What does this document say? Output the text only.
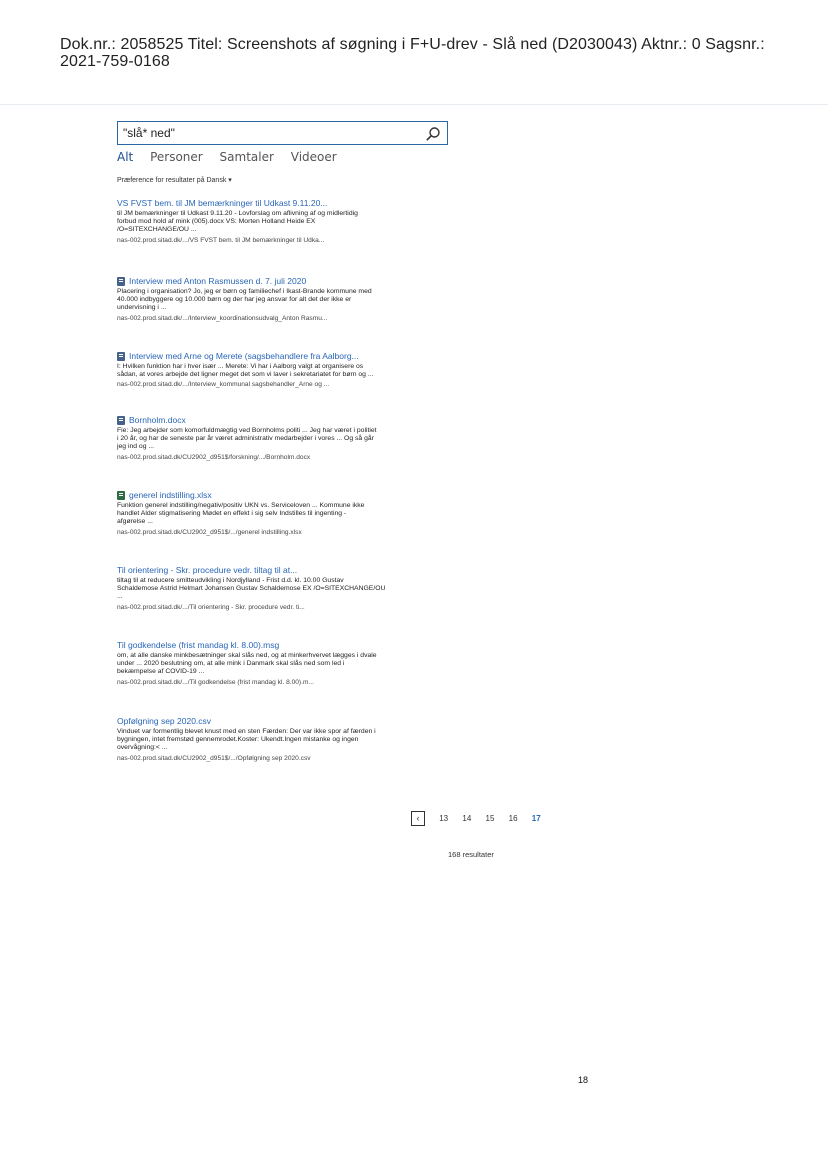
Dok.nr.: 2058525 Titel: Screenshots af søgning i F+U-drev - Slå ned (D2030043) Aktnr.: 0 Sagsnr.:
2021-759-0168
"slå* ned"
Alt Personer Samtaler Videoer
Præference for resultater på Dansk ▾
VS FVST bem. til JM bemærkninger til Udkast 9.11.20...
til JM bemærkninger til Udkast 9.11.20 - Lovforslag om aflivning af og midlertidig
forbud mod hold af mink (005).docx VS: Morten Holland Heide EX
/O=SITEXCHANGE/OU ...
nas-002.prod.sitad.dk/.../VS FVST bem. til JM bemærkninger til Udka...
Interview med Anton Rasmussen d. 7. juli 2020
Placering i organisation? Jo, jeg er børn og familiechef i Ikast-Brande kommune med
40.000 indbyggere og 10.000 børn og der har jeg ansvar for alt det der ikke er
undervisning i ...
nas-002.prod.sitad.dk/.../Interview_koordinationsudvalg_Anton Rasmu...
Interview med Arne og Merete (sagsbehandlere fra Aalborg...
I: Hvilken funktion har i hver især ... Merete: Vi har i Aalborg valgt at organisere os
sådan, at vores arbejde det ligner meget det som vi laver i sekretariatet for børn og ...
nas-002.prod.sitad.dk/.../Interview_kommunal sagsbehandler_Arne og ...
Bornholm.docx
Fie: Jeg arbejder som komorfuldmægtig ved Bornholms politi ... Jeg har været i politiet
i 20 år, og har de seneste par år været administrativ medarbejder i vores ... Og så går
jeg ind og ...
nas-002.prod.sitad.dk/CU2902_d951$/forskning/.../Bornholm.docx
generel indstilling.xlsx
Funktion generel indstilling/negativ/positiv UKN vs. Serviceloven ... Kommune ikke
handlet Alder stigmatisering Mødet en effekt i sig selv Indstilles til ingenting -
afgørelse ...
nas-002.prod.sitad.dk/CU2902_d951$/.../generel indstilling.xlsx
Til orientering - Skr. procedure vedr. tiltag til at...
tiltag til at reducere smitteudvikling i Nordjylland - Frist d.d. kl. 10.00 Gustav
Schaldemose Astrid Helmart Johansen Gustav Schaldemose EX /O=SITEXCHANGE/OU
...
nas-002.prod.sitad.dk/.../Til orientering - Skr. procedure vedr. ti...
Til godkendelse (frist mandag kl. 8.00).msg
om, at alle danske minkbesætninger skal slås ned, og at minkerhvervet lægges i dvale
under ... 2020 beslutning om, at alle mink i Danmark skal slås ned som led i
bekæmpelse af COVID-19 ...
nas-002.prod.sitad.dk/.../Til godkendelse (frist mandag kl. 8.00).m...
Opfølgning sep 2020.csv
Vinduet var formentlig blevet knust med en sten Færden: Der var ikke spor af færden i
bygningen, intet fremstød gennemrodet.Koster: Ukendt.Ingen mistanke og ingen
overvågning:< ...
nas-002.prod.sitad.dk/CU2902_d951$/.../Opfølgning sep 2020.csv
‹ 13 14 15 16 17
168 resultater
18
